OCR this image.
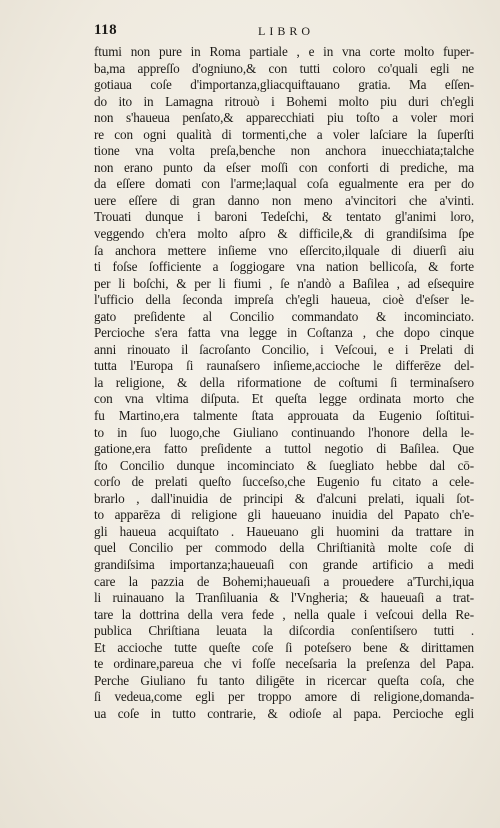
118	LIBRO
ftumi non pure in Roma partiale , e in vna corte molto fuper-
ba,ma appreſſo d'ogniuno,& con tutti coloro co'quali egli ne
gotiaua coſe d'importanza,gliacquiftauano gratia. Ma eſſen-
do ito in Lamagna ritrouò i Bohemi molto piu duri ch'egli
non s'haueua penſato,& apparecchiati piu toſto a voler mori
re con ogni qualità di tormenti,che a voler laſciare la ſuperſti
tione vna volta preſa,benche non anchora inuecchiata;talche
non erano punto da eſser moſſi con conforti di prediche, ma
da eſſere domati con l'arme;laqual coſa egualmente era per do
uere eſſere di gran danno non meno a'vincitori che a'vinti.
Trouati dunque i baroni Tedeſchi, & tentato gl'animi loro,
veggendo ch'era molto aſpro & difficile,& di grandiſsima ſpe
ſa anchora mettere inſieme vno eſſercito,ilquale di diuerſi aiu
ti foſse ſofficiente a ſoggiogare vna nation bellicoſa, & forte
per li boſchi, & per li fiumi , ſe n'andò a Baſilea , ad eſsequire
l'ufficio della ſeconda impreſa ch'egli haueua, cioè d'eſser le-
gato preſidente al Concilio commandato & incominciato.
Percioche s'era fatta vna legge in Coſtanza , che dopo cinque
anni rinouato il ſacroſanto Concilio, i Veſcoui, e i Prelati di
tutta l'Europa ſi raunaſsero inſieme,accioche le differēze del-
la religione, & della riformatione de coſtumi ſi terminaſsero
con vna vltima diſputa. Et queſta legge ordinata morto che
fu Martino,era talmente ſtata approuata da Eugenio ſoſtitui-
to in ſuo luogo,che Giuliano continuando l'honore della le-
gatione,era fatto preſidente a tuttol negotio di Baſilea. Que
ſto Concilio dunque incominciato & ſuegliato hebbe dal cō-
corſo de prelati queſto ſucceſso,che Eugenio fu citato a cele-
brarlo , dall'inuidia de principi & d'alcuni prelati, iquali ſot-
to apparēza di religione gli haueuano inuidia del Papato ch'e-
gli haueua acquiſtato . Haueuano gli huomini da trattare in
quel Concilio per commodo della Chriſtianità molte coſe di
grandiſsima importanza;haueuaſi con grande artificio a medi
care la pazzia de Bohemi;haueuaſi a prouedere a'Turchi,iqua
li ruinauano la Tranſiluania & l'Vngheria; & haueuaſi a trat-
tare la dottrina della vera fede , nella quale i veſcoui della Re-
publica Chriſtiana leuata la diſcordia conſentiſsero tutti .
Et accioche tutte queſte coſe ſi poteſsero bene & dirittamen
te ordinare,pareua che vi foſſe neceſsaria la preſenza del Papa.
Perche Giuliano fu tanto diligēte in ricercar queſta coſa, che
ſi vedeua,come egli per troppo amore di religione,domanda-
ua coſe in tutto contrarie, & odioſe al papa. Percioche egli
